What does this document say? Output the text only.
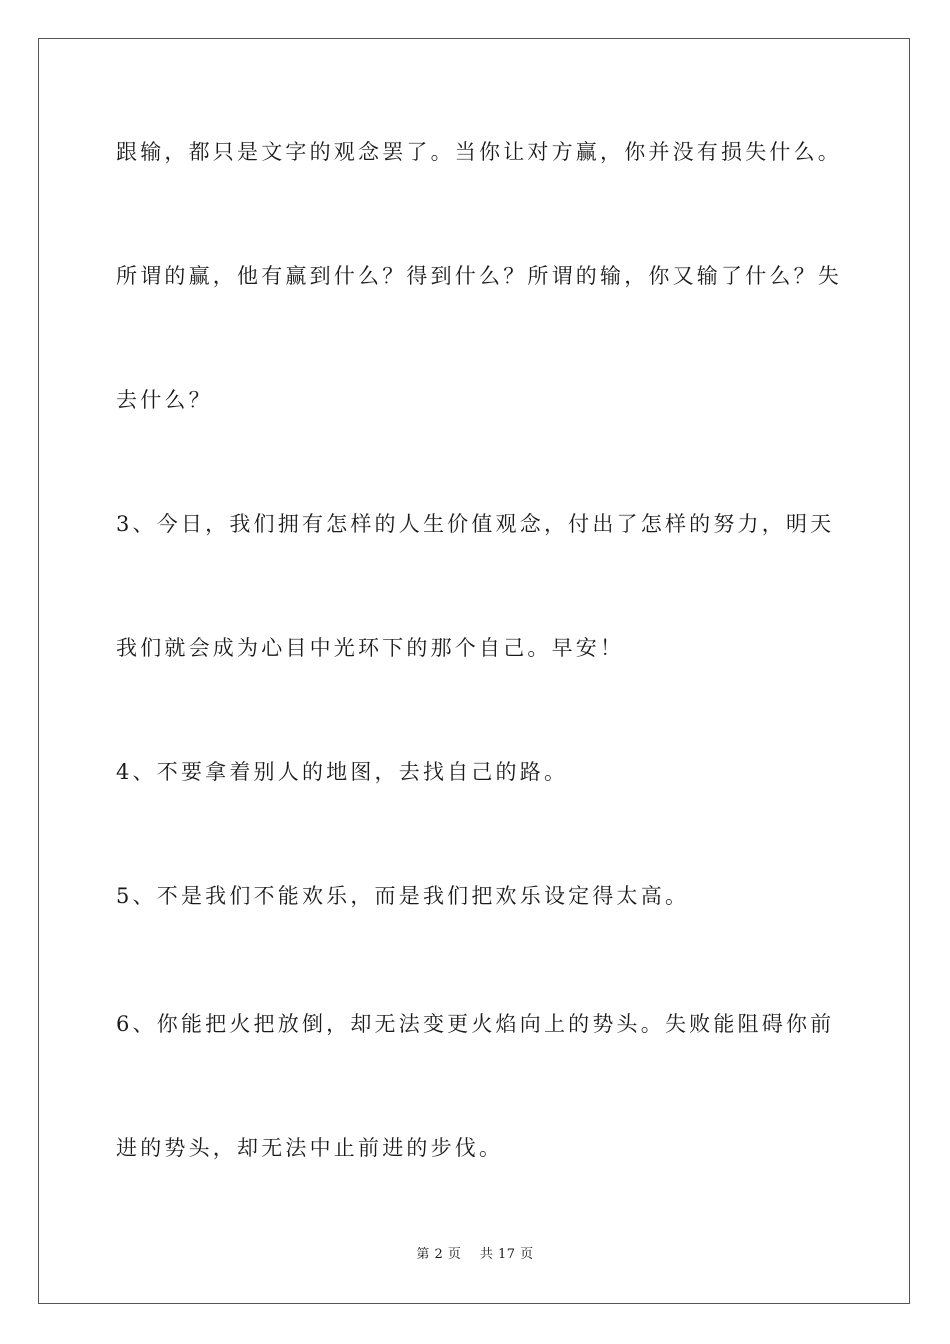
跟输，都只是文字的观念罢了。当你让对方赢，你并没有损失什么。
所谓的赢，他有赢到什么？得到什么？所谓的输，你又输了什么？失
去什么？
3、今日，我们拥有怎样的人生价值观念，付出了怎样的努力，明天
我们就会成为心目中光环下的那个自己。早安！
4、不要拿着别人的地图，去找自己的路。
5、不是我们不能欢乐，而是我们把欢乐设定得太高。
6、你能把火把放倒，却无法变更火焰向上的势头。失败能阻碍你前
进的势头，却无法中止前进的步伐。
第 2 页    共 17 页
